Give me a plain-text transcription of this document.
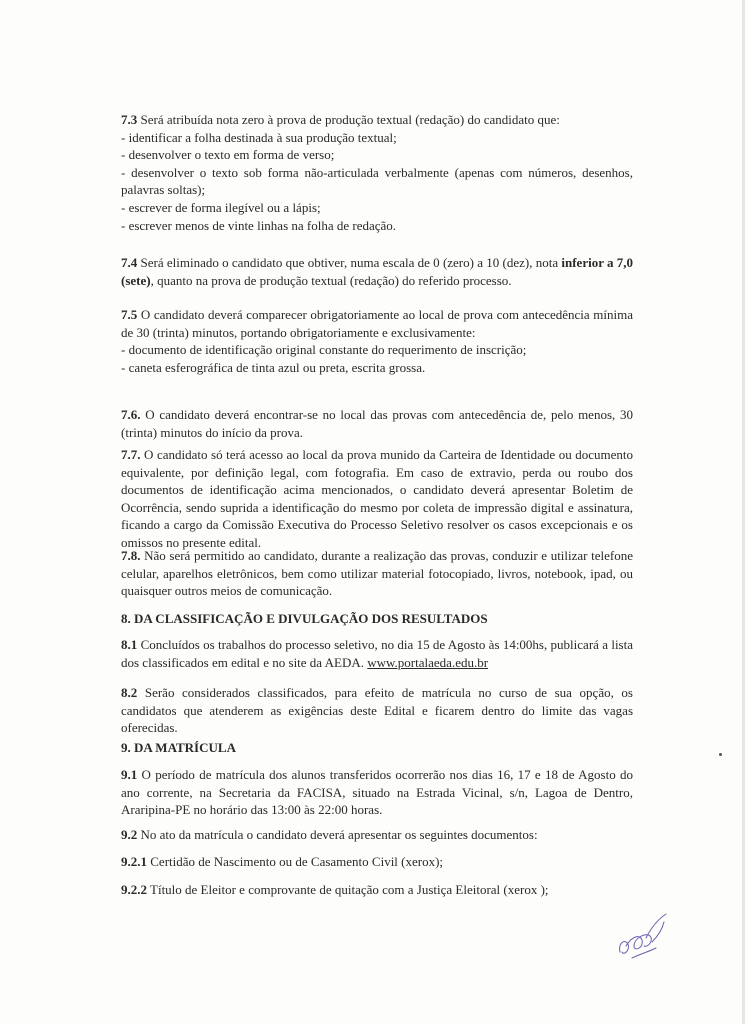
7.3 Será atribuída nota zero à prova de produção textual (redação) do candidato que:

- identificar a folha destinada à sua produção textual;

- desenvolver o texto em forma de verso;

- desenvolver o texto sob forma não-articulada verbalmente (apenas com números, desenhos, palavras soltas);

- escrever de forma ilegível ou a lápis;

- escrever menos de vinte linhas na folha de redação.

7.4 Será eliminado o candidato que obtiver, numa escala de 0 (zero) a 10 (dez), nota inferior a 7,0 (sete), quanto na prova de produção textual (redação) do referido processo.

7.5 O candidato deverá comparecer obrigatoriamente ao local de prova com antecedência mínima de 30 (trinta) minutos, portando obrigatoriamente e exclusivamente:

- documento de identificação original constante do requerimento de inscrição;

- caneta esferográfica de tinta azul ou preta, escrita grossa.

7.6. O candidato deverá encontrar-se no local das provas com antecedência de, pelo menos, 30 (trinta) minutos do início da prova.

7.7. O candidato só terá acesso ao local da prova munido da Carteira de Identidade ou documento equivalente, por definição legal, com fotografia. Em caso de extravio, perda ou roubo dos documentos de identificação acima mencionados, o candidato deverá apresentar Boletim de Ocorrência, sendo suprida a identificação do mesmo por coleta de impressão digital e assinatura, ficando a cargo da Comissão Executiva do Processo Seletivo resolver os casos excepcionais e os omissos no presente edital.

7.8. Não será permitido ao candidato, durante a realização das provas, conduzir e utilizar telefone celular, aparelhos eletrônicos, bem como utilizar material fotocopiado, livros, notebook, ipad, ou quaisquer outros meios de comunicação.

8. DA CLASSIFICAÇÃO E DIVULGAÇÃO DOS RESULTADOS

8.1 Concluídos os trabalhos do processo seletivo, no dia 15 de Agosto às 14:00hs, publicará a lista dos classificados em edital e no site da AEDA. www.portalaeda.edu.br

8.2 Serão considerados classificados, para efeito de matrícula no curso de sua opção, os candidatos que atenderem as exigências deste Edital e ficarem dentro do limite das vagas oferecidas.

9. DA MATRÍCULA

9.1 O período de matrícula dos alunos transferidos ocorrerão nos dias 16, 17 e 18 de Agosto do ano corrente, na Secretaria da FACISA, situado na Estrada Vicinal, s/n, Lagoa de Dentro, Araripina-PE no horário das 13:00 às 22:00 horas.

9.2 No ato da matrícula o candidato deverá apresentar os seguintes documentos:

9.2.1 Certidão de Nascimento ou de Casamento Civil (xerox);

9.2.2 Título de Eleitor e comprovante de quitação com a Justiça Eleitoral (xerox );
